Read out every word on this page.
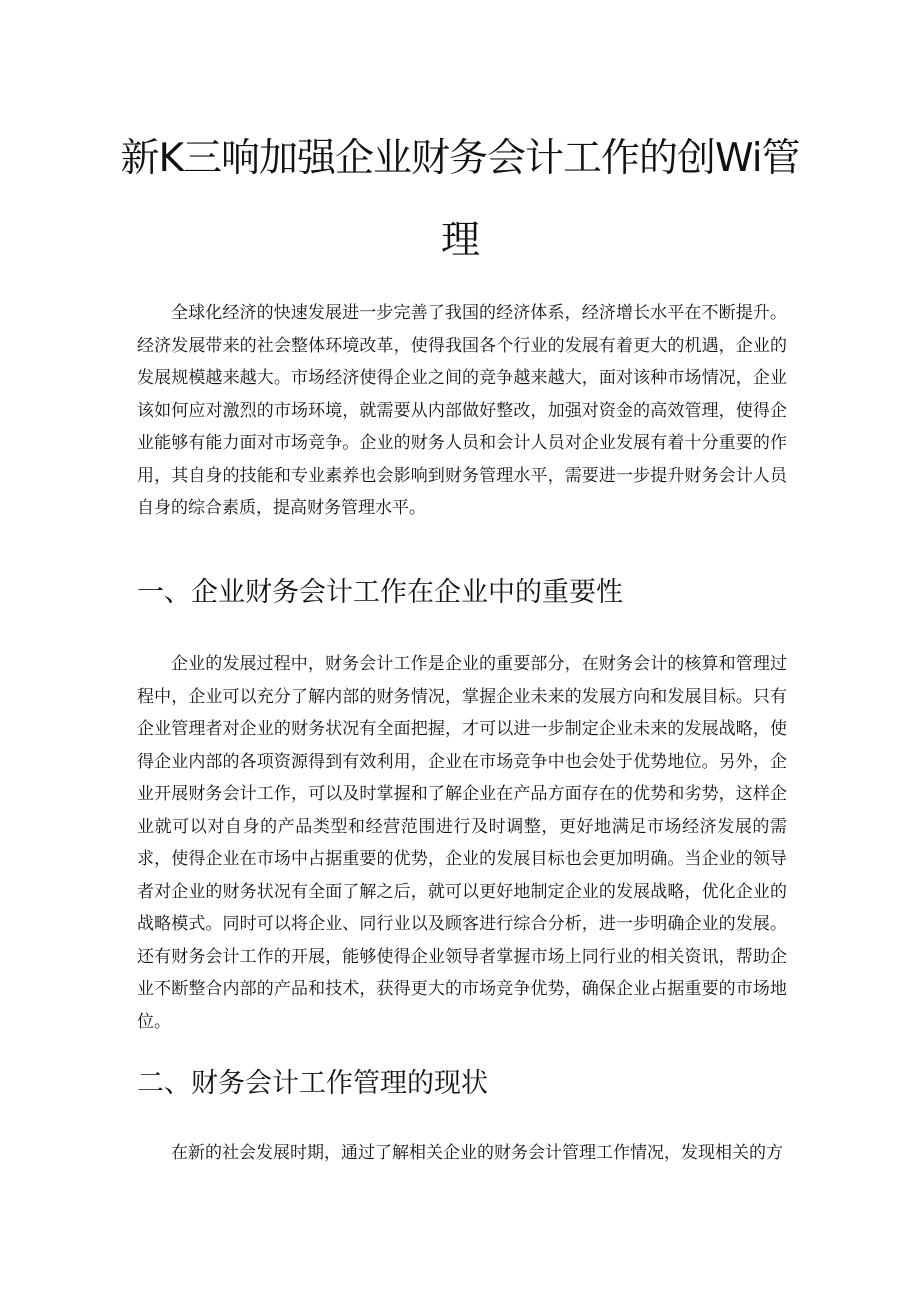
新K三响加强企业财务会计工作的创Wi管
理

全球化经济的快速发展进一步完善了我国的经济体系，经济增长水平在不断提升。经济发展带来的社会整体环境改革，使得我国各个行业的发展有着更大的机遇，企业的发展规模越来越大。市场经济使得企业之间的竞争越来越大，面对该种市场情况，企业该如何应对激烈的市场环境，就需要从内部做好整改，加强对资金的高效管理，使得企业能够有能力面对市场竞争。企业的财务人员和会计人员对企业发展有着十分重要的作用，其自身的技能和专业素养也会影响到财务管理水平，需要进一步提升财务会计人员自身的综合素质，提高财务管理水平。

一、企业财务会计工作在企业中的重要性

企业的发展过程中，财务会计工作是企业的重要部分，在财务会计的核算和管理过程中，企业可以充分了解内部的财务情况，掌握企业未来的发展方向和发展目标。只有企业管理者对企业的财务状况有全面把握，才可以进一步制定企业未来的发展战略，使得企业内部的各项资源得到有效利用，企业在市场竞争中也会处于优势地位。另外，企业开展财务会计工作，可以及时掌握和了解企业在产品方面存在的优势和劣势，这样企业就可以对自身的产品类型和经营范围进行及时调整，更好地满足市场经济发展的需求，使得企业在市场中占据重要的优势，企业的发展目标也会更加明确。当企业的领导者对企业的财务状况有全面了解之后，就可以更好地制定企业的发展战略，优化企业的战略模式。同时可以将企业、同行业以及顾客进行综合分析，进一步明确企业的发展。还有财务会计工作的开展，能够使得企业领导者掌握市场上同行业的相关资讯，帮助企业不断整合内部的产品和技术，获得更大的市场竞争优势，确保企业占据重要的市场地位。

二、财务会计工作管理的现状

在新的社会发展时期，通过了解相关企业的财务会计管理工作情况，发现相关的方
